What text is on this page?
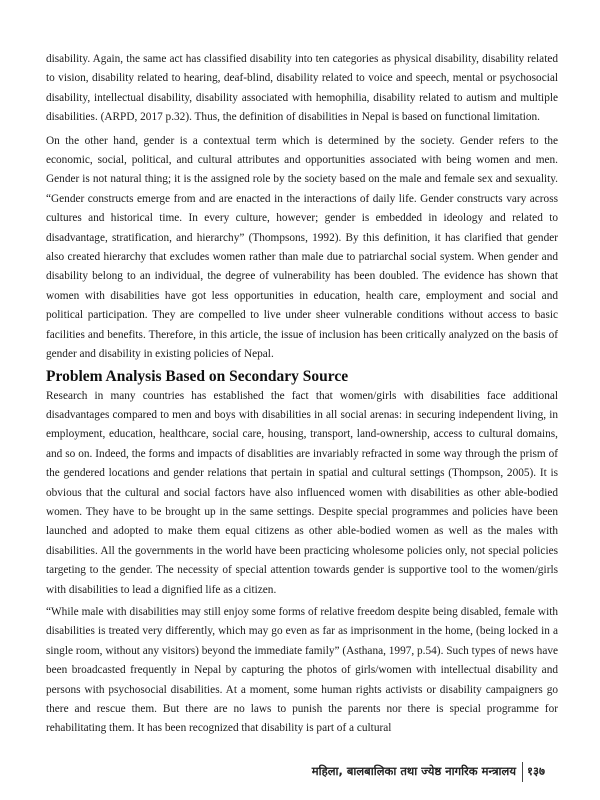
disability. Again, the same act has classified disability into ten categories as physical disability, disability related to vision, disability related to hearing, deaf-blind, disability related to voice and speech, mental or psychosocial disability, intellectual disability, disability associated with hemophilia, disability related to autism and multiple disabilities. (ARPD, 2017 p.32). Thus, the definition of disabilities in Nepal is based on functional limitation.

On the other hand, gender is a contextual term which is determined by the society. Gender refers to the economic, social, political, and cultural attributes and opportunities associated with being women and men. Gender is not natural thing; it is the assigned role by the society based on the male and female sex and sexuality. “Gender constructs emerge from and are enacted in the interactions of daily life. Gender constructs vary across cultures and historical time. In every culture, however; gender is embedded in ideology and related to disadvantage, stratification, and hierarchy” (Thompsons, 1992). By this definition, it has clarified that gender also created hierarchy that excludes women rather than male due to patriarchal social system. When gender and disability belong to an individual, the degree of vulnerability has been doubled. The evidence has shown that women with disabilities have got less opportunities in education, health care, employment and social and political participation. They are compelled to live under sheer vulnerable conditions without access to basic facilities and benefits. Therefore, in this article, the issue of inclusion has been critically analyzed on the basis of gender and disability in existing policies of Nepal.

Problem Analysis Based on Secondary Source

Research in many countries has established the fact that women/girls with disabilities face additional disadvantages compared to men and boys with disabilities in all social arenas: in securing independent living, in employment, education, healthcare, social care, housing, transport, land-ownership, access to cultural domains, and so on. Indeed, the forms and impacts of disablities are invariably refracted in some way through the prism of the gendered locations and gender relations that pertain in spatial and cultural settings (Thompson, 2005). It is obvious that the cultural and social factors have also influenced women with disabilities as other able-bodied women. They have to be brought up in the same settings. Despite special programmes and policies have been launched and adopted to make them equal citizens as other able-bodied women as well as the males with disabilities. All the governments in the world have been practicing wholesome policies only, not special policies targeting to the gender. The necessity of special attention towards gender is supportive tool to the women/girls with disabilities to lead a dignified life as a citizen.

“While male with disabilities may still enjoy some forms of relative freedom despite being disabled, female with disabilities is treated very differently, which may go even as far as imprisonment in the home, (being locked in a single room, without any visitors) beyond the immediate family” (Asthana, 1997, p.54). Such types of news have been broadcasted frequently in Nepal by capturing the photos of girls/women with intellectual disability and persons with psychosocial disabilities. At a moment, some human rights activists or disability campaigners go there and rescue them. But there are no laws to punish the parents nor there is special programme for rehabilitating them. It has been recognized that disability is part of a cultural

महिला, बालबालिका तथा ज्येष्ठ नागरिक मन्त्रालय १३७
